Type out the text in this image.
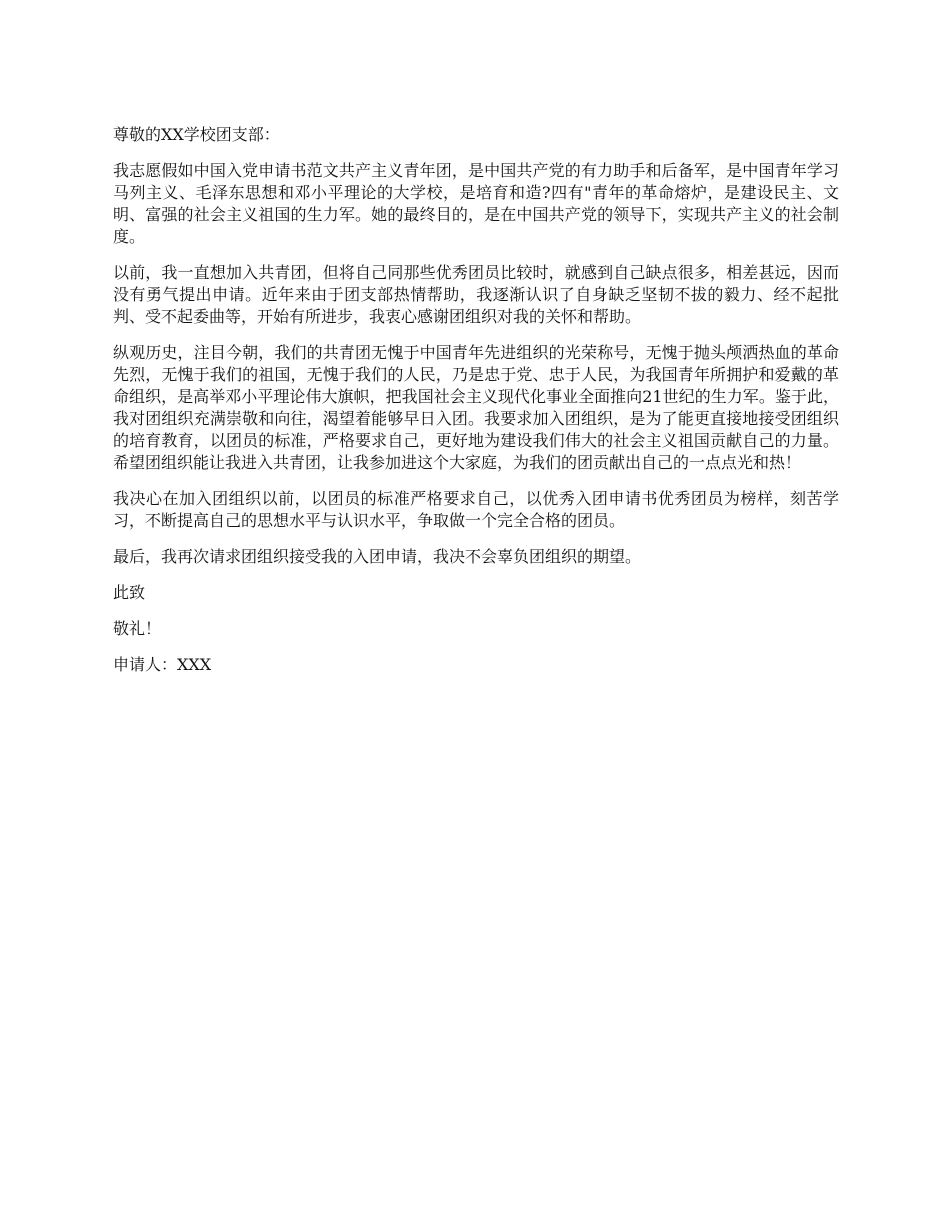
尊敬的XX学校团支部：

我志愿假如中国入党申请书范文共产主义青年团，是中国共产党的有力助手和后备军，是中国青年学习马列主义、毛泽东思想和邓小平理论的大学校，是培育和造?四有"青年的革命熔炉，是建设民主、文明、富强的社会主义祖国的生力军。她的最终目的，是在中国共产党的领导下，实现共产主义的社会制度。

以前，我一直想加入共青团，但将自己同那些优秀团员比较时，就感到自己缺点很多，相差甚远，因而没有勇气提出申请。近年来由于团支部热情帮助，我逐渐认识了自身缺乏坚韧不拔的毅力、经不起批判、受不起委曲等，开始有所进步，我衷心感谢团组织对我的关怀和帮助。

纵观历史，注目今朝，我们的共青团无愧于中国青年先进组织的光荣称号，无愧于抛头颅洒热血的革命先烈，无愧于我们的祖国，无愧于我们的人民，乃是忠于党、忠于人民，为我国青年所拥护和爱戴的革命组织，是高举邓小平理论伟大旗帜，把我国社会主义现代化事业全面推向21世纪的生力军。鉴于此，我对团组织充满崇敬和向往，渴望着能够早日入团。我要求加入团组织，是为了能更直接地接受团组织的培育教育，以团员的标准，严格要求自己，更好地为建设我们伟大的社会主义祖国贡献自己的力量。希望团组织能让我进入共青团，让我参加进这个大家庭，为我们的团贡献出自己的一点点光和热！

我决心在加入团组织以前，以团员的标准严格要求自己，以优秀入团申请书优秀团员为榜样，刻苦学习，不断提高自己的思想水平与认识水平，争取做一个完全合格的团员。

最后，我再次请求团组织接受我的入团申请，我决不会辜负团组织的期望。

此致

敬礼！

申请人：XXX
